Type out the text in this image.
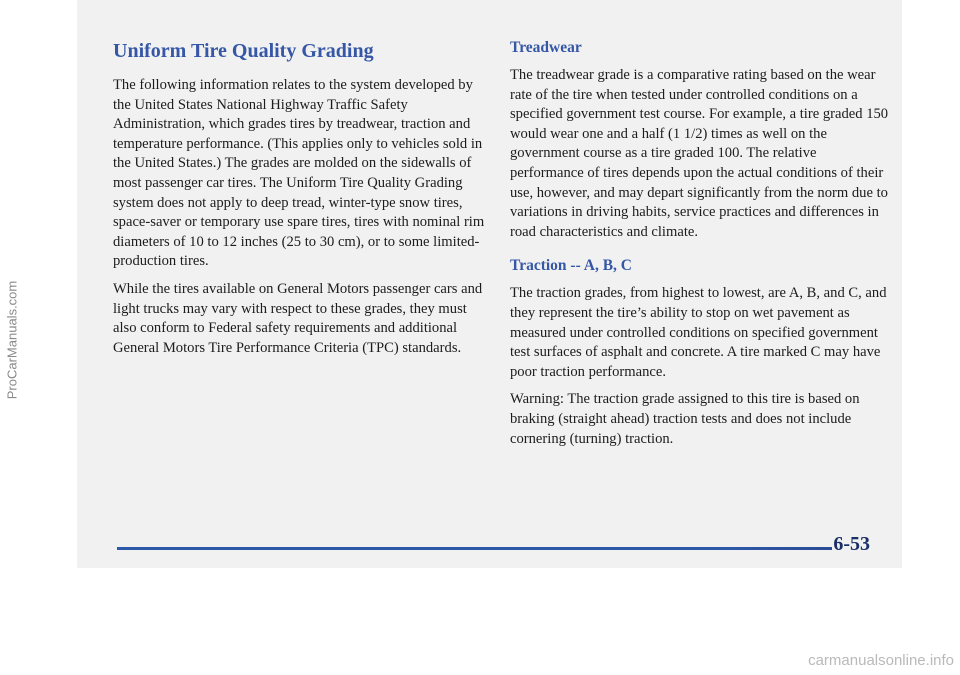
Uniform Tire Quality Grading

The following information relates to the system developed by the United States National Highway Traffic Safety Administration, which grades tires by treadwear, traction and temperature performance. (This applies only to vehicles sold in the United States.) The grades are molded on the sidewalls of most passenger car tires. The Uniform Tire Quality Grading system does not apply to deep tread, winter-type snow tires, space-saver or temporary use spare tires, tires with nominal rim diameters of 10 to 12 inches (25 to 30 cm), or to some limited-production tires.

While the tires available on General Motors passenger cars and light trucks may vary with respect to these grades, they must also conform to Federal safety requirements and additional General Motors Tire Performance Criteria (TPC) standards.

Treadwear

The treadwear grade is a comparative rating based on the wear rate of the tire when tested under controlled conditions on a specified government test course. For example, a tire graded 150 would wear one and a half (1 1/2) times as well on the government course as a tire graded 100. The relative performance of tires depends upon the actual conditions of their use, however, and may depart significantly from the norm due to variations in driving habits, service practices and differences in road characteristics and climate.

Traction -- A, B, C

The traction grades, from highest to lowest, are A, B, and C, and they represent the tire’s ability to stop on wet pavement as measured under controlled conditions on specified government test surfaces of asphalt and concrete. A tire marked C may have poor traction performance.

Warning: The traction grade assigned to this tire is based on braking (straight ahead) traction tests and does not include cornering (turning) traction.

6-53
ProCarManuals.com
carmanualsonline.info
